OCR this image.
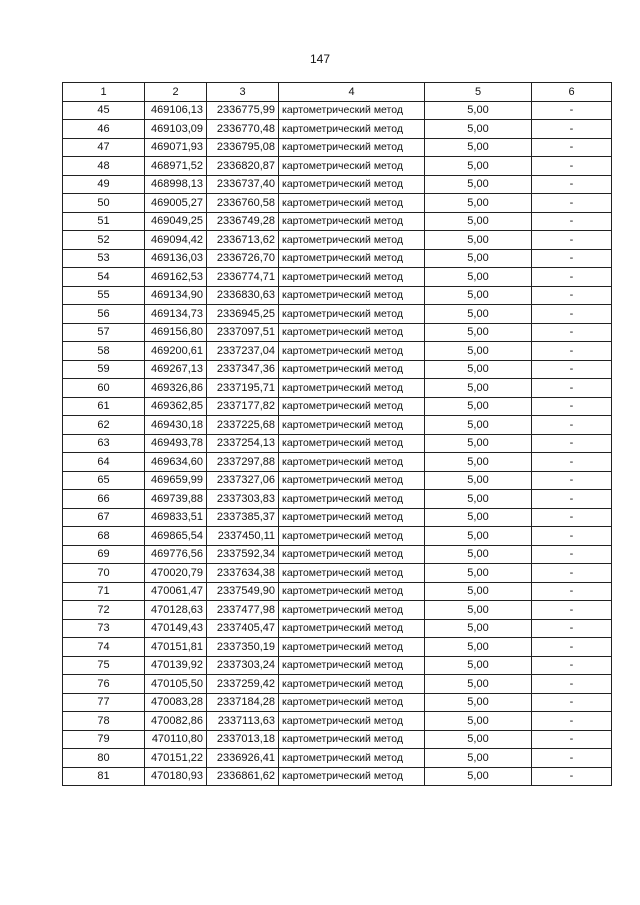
147
1	2	3	4	5	6
45	469106,13	2336775,99	картометрический метод	5,00	-
46	469103,09	2336770,48	картометрический метод	5,00	-
47	469071,93	2336795,08	картометрический метод	5,00	-
48	468971,52	2336820,87	картометрический метод	5,00	-
49	468998,13	2336737,40	картометрический метод	5,00	-
50	469005,27	2336760,58	картометрический метод	5,00	-
51	469049,25	2336749,28	картометрический метод	5,00	-
52	469094,42	2336713,62	картометрический метод	5,00	-
53	469136,03	2336726,70	картометрический метод	5,00	-
54	469162,53	2336774,71	картометрический метод	5,00	-
55	469134,90	2336830,63	картометрический метод	5,00	-
56	469134,73	2336945,25	картометрический метод	5,00	-
57	469156,80	2337097,51	картометрический метод	5,00	-
58	469200,61	2337237,04	картометрический метод	5,00	-
59	469267,13	2337347,36	картометрический метод	5,00	-
60	469326,86	2337195,71	картометрический метод	5,00	-
61	469362,85	2337177,82	картометрический метод	5,00	-
62	469430,18	2337225,68	картометрический метод	5,00	-
63	469493,78	2337254,13	картометрический метод	5,00	-
64	469634,60	2337297,88	картометрический метод	5,00	-
65	469659,99	2337327,06	картометрический метод	5,00	-
66	469739,88	2337303,83	картометрический метод	5,00	-
67	469833,51	2337385,37	картометрический метод	5,00	-
68	469865,54	2337450,11	картометрический метод	5,00	-
69	469776,56	2337592,34	картометрический метод	5,00	-
70	470020,79	2337634,38	картометрический метод	5,00	-
71	470061,47	2337549,90	картометрический метод	5,00	-
72	470128,63	2337477,98	картометрический метод	5,00	-
73	470149,43	2337405,47	картометрический метод	5,00	-
74	470151,81	2337350,19	картометрический метод	5,00	-
75	470139,92	2337303,24	картометрический метод	5,00	-
76	470105,50	2337259,42	картометрический метод	5,00	-
77	470083,28	2337184,28	картометрический метод	5,00	-
78	470082,86	2337113,63	картометрический метод	5,00	-
79	470110,80	2337013,18	картометрический метод	5,00	-
80	470151,22	2336926,41	картометрический метод	5,00	-
81	470180,93	2336861,62	картометрический метод	5,00	-
